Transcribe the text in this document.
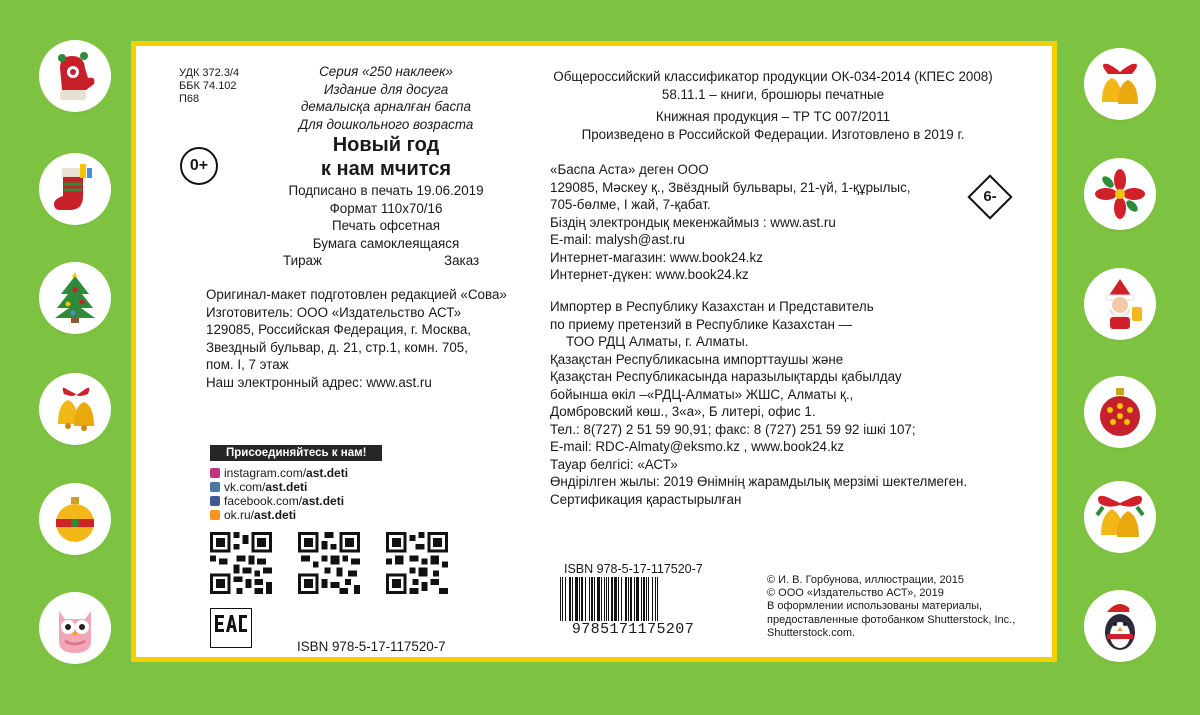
УДК 372.3/4
ББК 74.102
П68
Серия «250 наклеек»
Издание для досуга
демалысқа арналған баспа
Для дошкольного возраста
Новый год
к нам мчится
0+
Подписано в печать 19.06.2019
Формат 110x70/16
Печать офсетная
Бумага самоклеящаяся
Тираж	Заказ
Оригинал-макет подготовлен редакцией «Сова»
Изготовитель: ООО «Издательство АСТ»
129085, Российская Федерация, г. Москва,
Звездный бульвар, д. 21, стр.1, комн. 705,
пом. I, 7 этаж
Наш электронный адрес: www.ast.ru
Присоединяйтесь к нам!
instagram.com/ast.deti
vk.com/ast.deti
facebook.com/ast.deti
ok.ru/ast.deti
ISBN 978-5-17-117520-7
Общероссийский классификатор продукции ОК-034-2014 (КПЕС 2008)
58.11.1 – книги, брошюры печатные
Книжная продукция – ТР ТС 007/2011
Произведено в Российской Федерации. Изготовлено в 2019 г.
«Баспа Аста» деген ООО
129085, Мәскеу қ., Звёздный бульвары, 21-үй, 1-құрылыс,
705-бөлме, I жай, 7-қабат.
Біздің электрондық мекенжаймыз : www.ast.ru
E-mail: malysh@ast.ru
Интернет-магазин: www.book24.kz
Интернет-дүкен: www.book24.kz
6-
Импортер в Республику Казахстан и Представитель
по приему претензий в Республике Казахстан —
ТОО РДЦ Алматы, г. Алматы.
Қазақстан Республикасына импорттаушы және
Қазақстан Республикасында наразылықтарды қабылдау
бойынша өкіл –«РДЦ-Алматы» ЖШС, Алматы қ.,
Домбровский көш., 3«а», Б литері, офис 1.
Тел.: 8(727) 2 51 59 90,91; факс: 8 (727) 251 59 92 ішкі 107;
E-mail: RDC-Almaty@eksmo.kz , www.book24.kz
Тауар белгісі: «АСТ»
Өндірілген жылы: 2019 Өнімнің жарамдылық мерзімі шектелмеген.
Сертификация қарастырылған
ISBN 978-5-17-117520-7
9785171175207
© И. В. Горбунова, иллюстрации, 2015
© ООО «Издательство АСТ», 2019
В оформлении использованы материалы,
предоставленные фотобанком Shutterstock, Inc.,
Shutterstock.com.
